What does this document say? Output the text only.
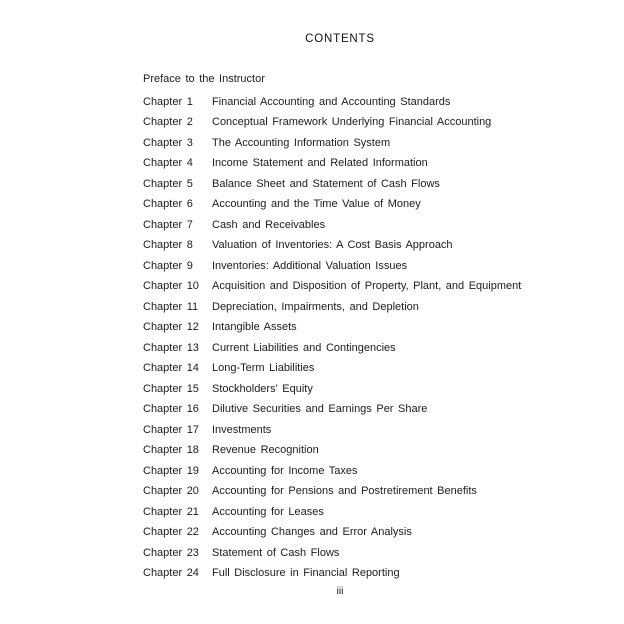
CONTENTS
Preface to the Instructor
Chapter 1	Financial Accounting and Accounting Standards
Chapter 2	Conceptual Framework Underlying Financial Accounting
Chapter 3	The Accounting Information System
Chapter 4	Income Statement and Related Information
Chapter 5	Balance Sheet and Statement of Cash Flows
Chapter 6	Accounting and the Time Value of Money
Chapter 7	Cash and Receivables
Chapter 8	Valuation of Inventories: A Cost Basis Approach
Chapter 9	Inventories: Additional Valuation Issues
Chapter 10	Acquisition and Disposition of Property, Plant, and Equipment
Chapter 11	Depreciation, Impairments, and Depletion
Chapter 12	Intangible Assets
Chapter 13	Current Liabilities and Contingencies
Chapter 14	Long-Term Liabilities
Chapter 15	Stockholders' Equity
Chapter 16	Dilutive Securities and Earnings Per Share
Chapter 17	Investments
Chapter 18	Revenue Recognition
Chapter 19	Accounting for Income Taxes
Chapter 20	Accounting for Pensions and Postretirement Benefits
Chapter 21	Accounting for Leases
Chapter 22	Accounting Changes and Error Analysis
Chapter 23	Statement of Cash Flows
Chapter 24	Full Disclosure in Financial Reporting
iii
